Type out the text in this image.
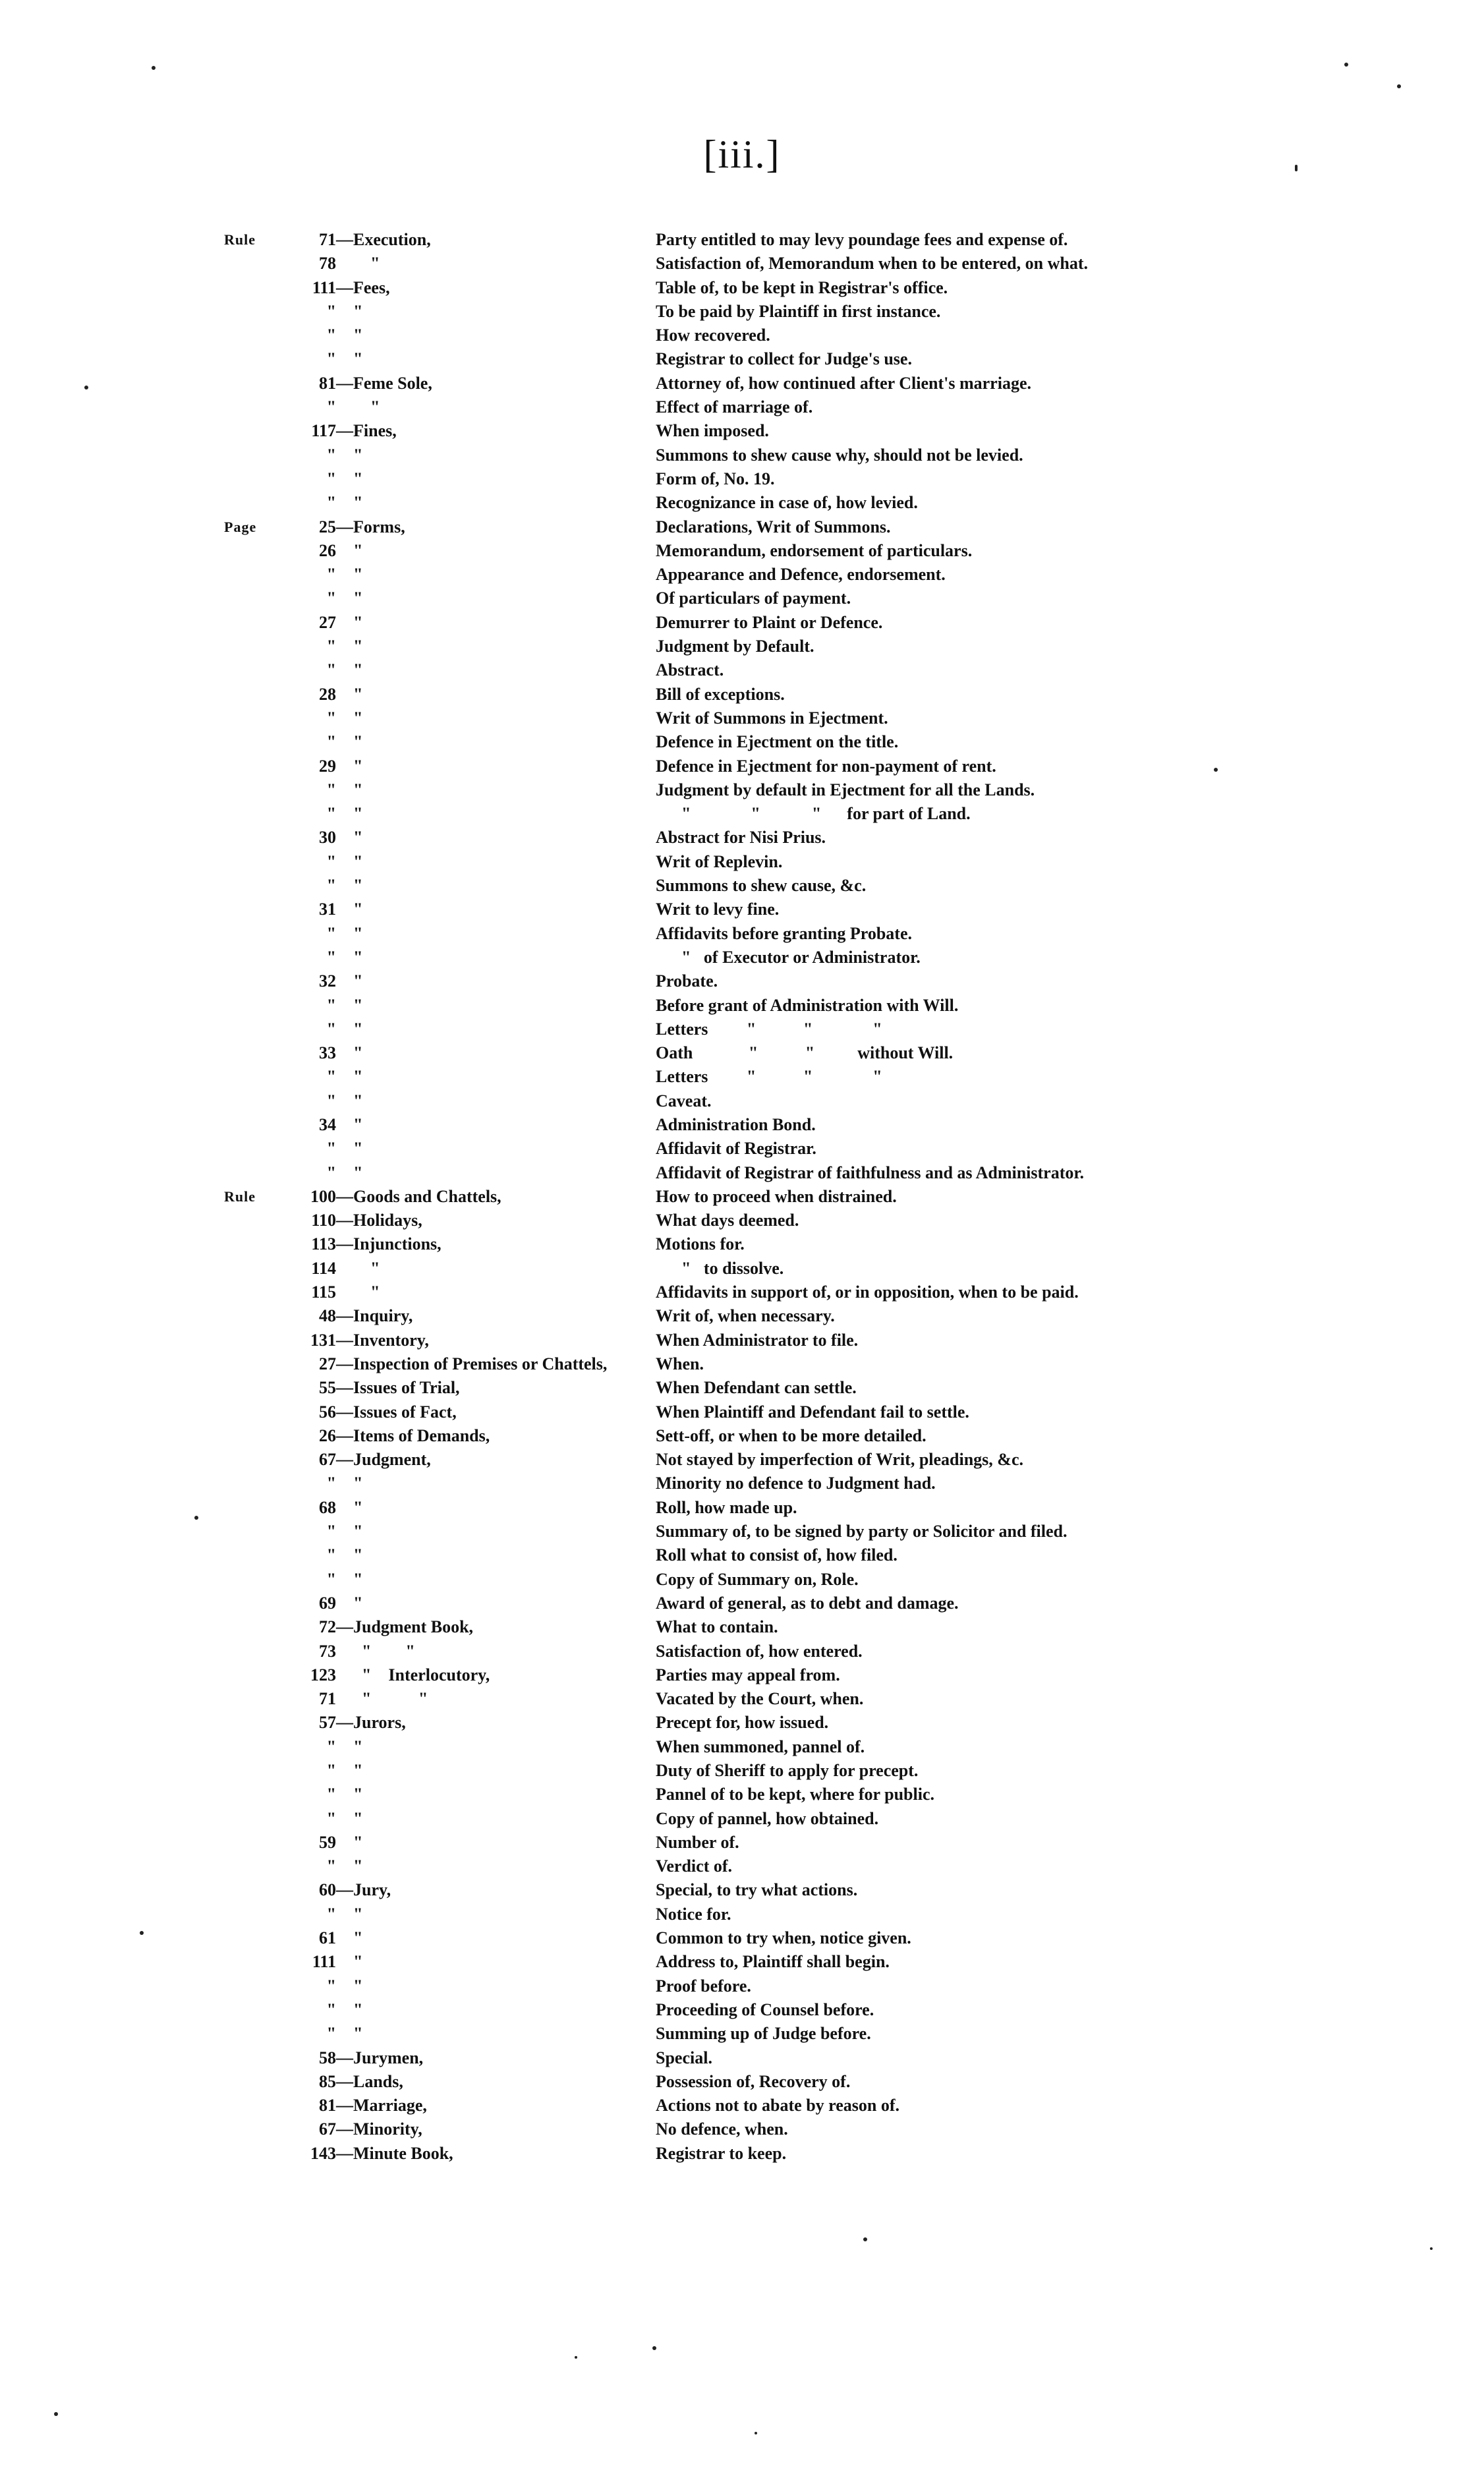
[iii.]
Rule	71 —Execution,	Party entitled to may levy poundage fees and expense of.
78 "	Satisfaction of, Memorandum when to be entered, on what.
111 —Fees,	Table of, to be kept in Registrar's office.
" "	To be paid by Plaintiff in first instance.
" "	How recovered.
" "	Registrar to collect for Judge's use.
81 —Feme Sole,	Attorney of, how continued after Client's marriage.
" "	Effect of marriage of.
117 —Fines,	When imposed.
" "	Summons to shew cause why, should not be levied.
" "	Form of, No. 19.
" "	Recognizance in case of, how levied.
Page	25 —Forms,	Declarations, Writ of Summons.
26 "	Memorandum, endorsement of particulars.
" "	Appearance and Defence, endorsement.
" "	Of particulars of payment.
27 "	Demurrer to Plaint or Defence.
" "	Judgment by Default.
" "	Abstract.
28 "	Bill of exceptions.
" "	Writ of Summons in Ejectment.
" "	Defence in Ejectment on the title.
29 "	Defence in Ejectment for non-payment of rent.
" "	Judgment by default in Ejectment for all the Lands.
" "	"              "            "      for part of Land.
30 "	Abstract for Nisi Prius.
" "	Writ of Replevin.
" "	Summons to shew cause, &c.
31 "	Writ to levy fine.
" "	Affidavits before granting Probate.
" "	"   of Executor or Administrator.
32 "	Probate.
" "	Before grant of Administration with Will.
" "	Letters         "           "              "
33 "	Oath             "           "          without Will.
" "	Letters         "           "              "
" "	Caveat.
34 "	Administration Bond.
" "	Affidavit of Registrar.
" "	Affidavit of Registrar of faithfulness and as Administrator.
Rule	100 —Goods and Chattels,	How to proceed when distrained.
110 —Holidays,	What days deemed.
113 —Injunctions,	Motions for.
114 "	"   to dissolve.
115 "	Affidavits in support of, or in opposition, when to be paid.
48 —Inquiry,	Writ of, when necessary.
131 —Inventory,	When Administrator to file.
27 —Inspection of Premises or Chattels,	When.
55 —Issues of Trial,	When Defendant can settle.
56 —Issues of Fact,	When Plaintiff and Defendant fail to settle.
26 —Items of Demands,	Sett-off, or when to be more detailed.
67 —Judgment,	Not stayed by imperfection of Writ, pleadings, &c.
" "	Minority no defence to Judgment had.
68 "	Roll, how made up.
" "	Summary of, to be signed by party or Solicitor and filed.
" "	Roll what to consist of, how filed.
" "	Copy of Summary on, Role.
69 "	Award of general, as to debt and damage.
72 —Judgment Book,	What to contain.
73 "        "	Satisfaction of, how entered.
123 "    Interlocutory,	Parties may appeal from.
71 "           "	Vacated by the Court, when.
57 —Jurors,	Precept for, how issued.
" "	When summoned, pannel of.
" "	Duty of Sheriff to apply for precept.
" "	Pannel of to be kept, where for public.
" "	Copy of pannel, how obtained.
59 "	Number of.
" "	Verdict of.
60 —Jury,	Special, to try what actions.
" "	Notice for.
61 "	Common to try when, notice given.
111 "	Address to, Plaintiff shall begin.
" "	Proof before.
" "	Proceeding of Counsel before.
" "	Summing up of Judge before.
58 —Jurymen,	Special.
85 —Lands,	Possession of, Recovery of.
81 —Marriage,	Actions not to abate by reason of.
67 —Minority,	No defence, when.
143 —Minute Book,	Registrar to keep.
